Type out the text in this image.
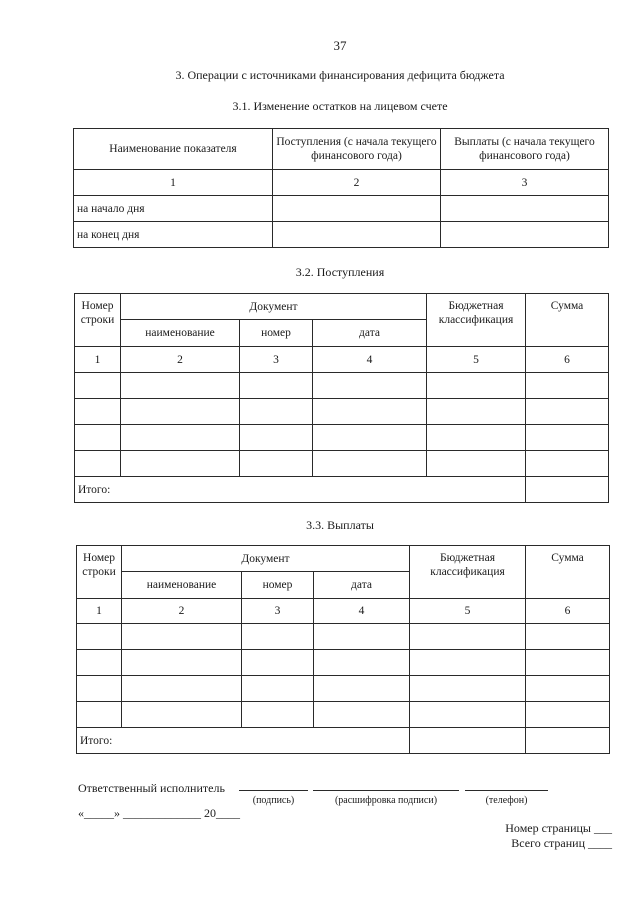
37
3. Операции с источниками финансирования дефицита бюджета
3.1. Изменение остатков на лицевом счете
Наименование показателя	Поступления (с начала текущего финансового года)	Выплаты (с начала текущего финансового года)
1	2	3
на начало дня		
на конец дня		
3.2. Поступления
Номер строки	Документ			Бюджетная классификация	Сумма
	наименование	номер	дата		
1	2	3	4	5	6

Итого:					
3.3. Выплаты
Номер строки	Документ			Бюджетная классификация	Сумма
	наименование	номер	дата		
1	2	3	4	5	6

Итого:					
Ответственный исполнитель
(подпись)	(расшифровка подписи)	(телефон)
«_____» _____________ 20____
Номер страницы ___
Всего страниц ____
